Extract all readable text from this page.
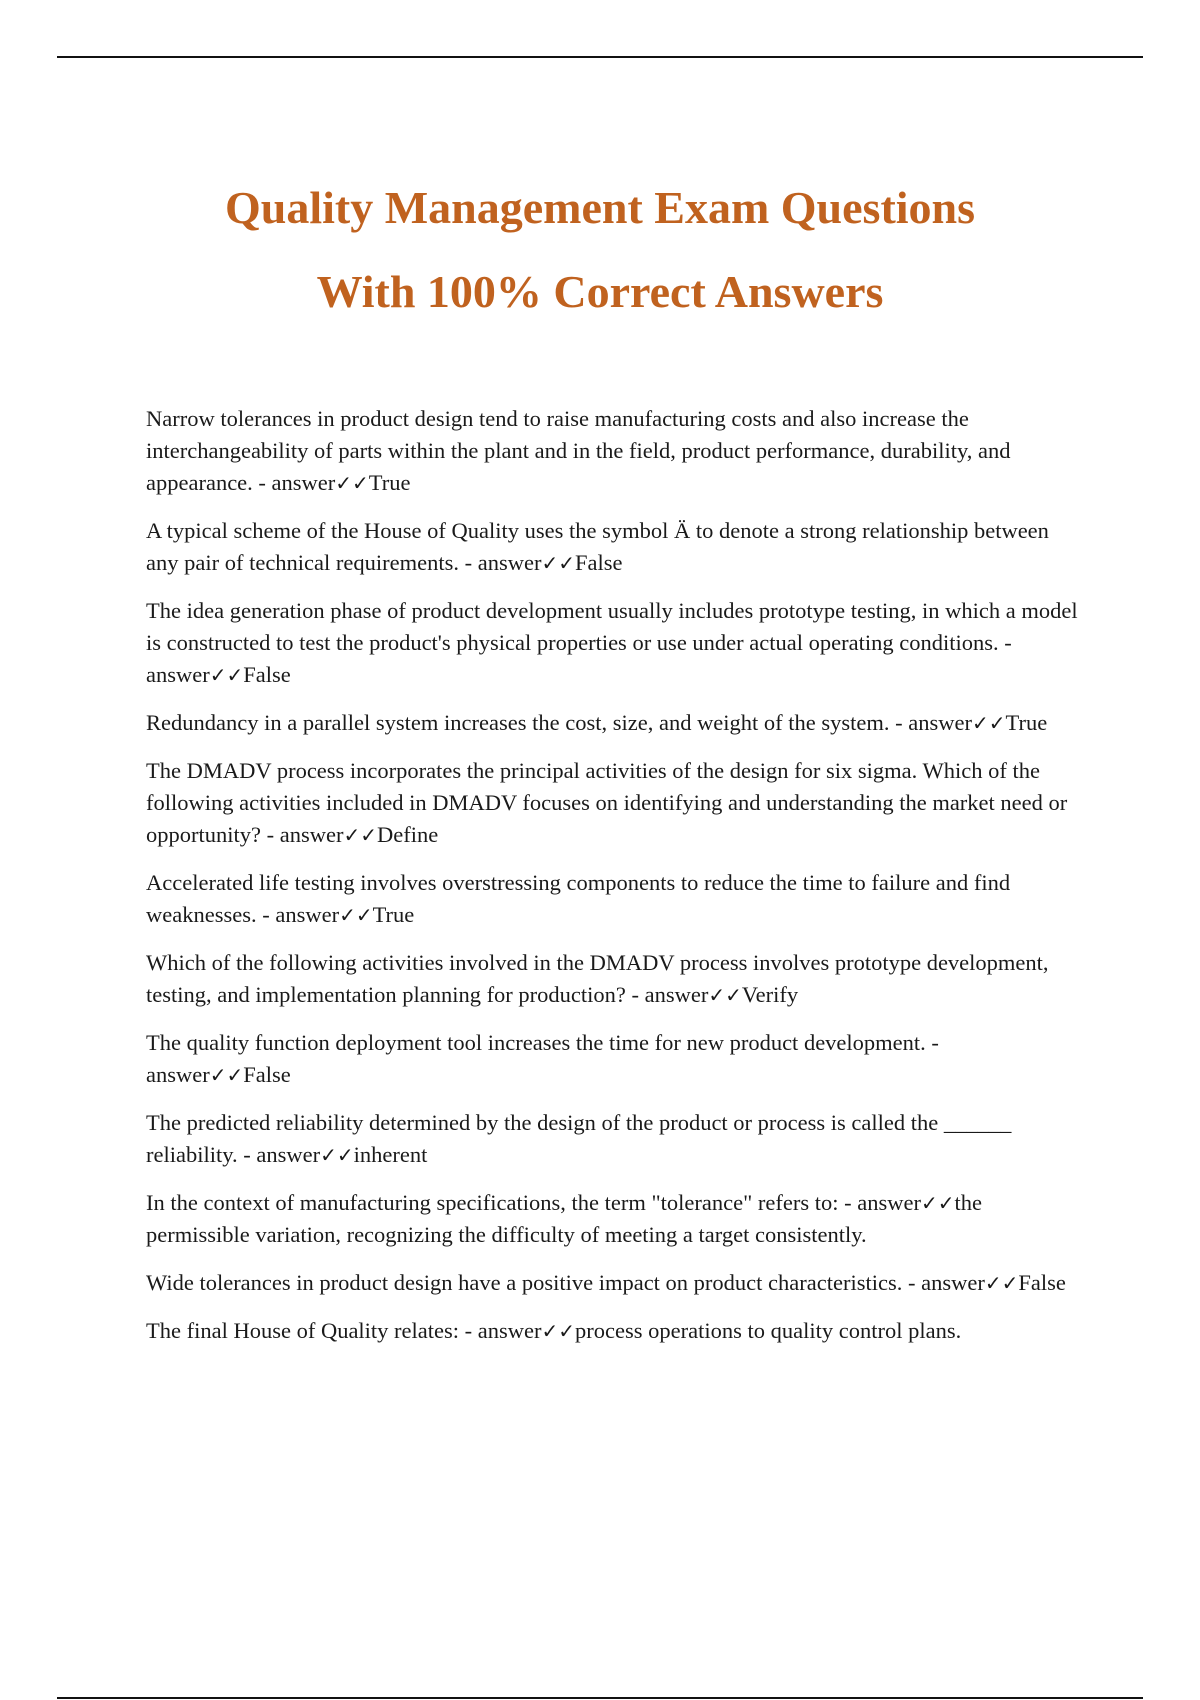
Quality Management Exam Questions

With 100% Correct Answers

Narrow tolerances in product design tend to raise manufacturing costs and also increase the interchangeability of parts within the plant and in the field, product performance, durability, and appearance. - answer✓✓True
A typical scheme of the House of Quality uses the symbol Ä to denote a strong relationship between any pair of technical requirements. - answer✓✓False
The idea generation phase of product development usually includes prototype testing, in which a model is constructed to test the product's physical properties or use under actual operating conditions. - answer✓✓False
Redundancy in a parallel system increases the cost, size, and weight of the system. - answer✓✓True
The DMADV process incorporates the principal activities of the design for six sigma. Which of the following activities included in DMADV focuses on identifying and understanding the market need or opportunity? - answer✓✓Define
Accelerated life testing involves overstressing components to reduce the time to failure and find weaknesses. - answer✓✓True
Which of the following activities involved in the DMADV process involves prototype development, testing, and implementation planning for production? - answer✓✓Verify
The quality function deployment tool increases the time for new product development. - answer✓✓False
The predicted reliability determined by the design of the product or process is called the ______ reliability. - answer✓✓inherent
In the context of manufacturing specifications, the term "tolerance" refers to: - answer✓✓the permissible variation, recognizing the difficulty of meeting a target consistently.
Wide tolerances in product design have a positive impact on product characteristics. - answer✓✓False
The final House of Quality relates: - answer✓✓process operations to quality control plans.
